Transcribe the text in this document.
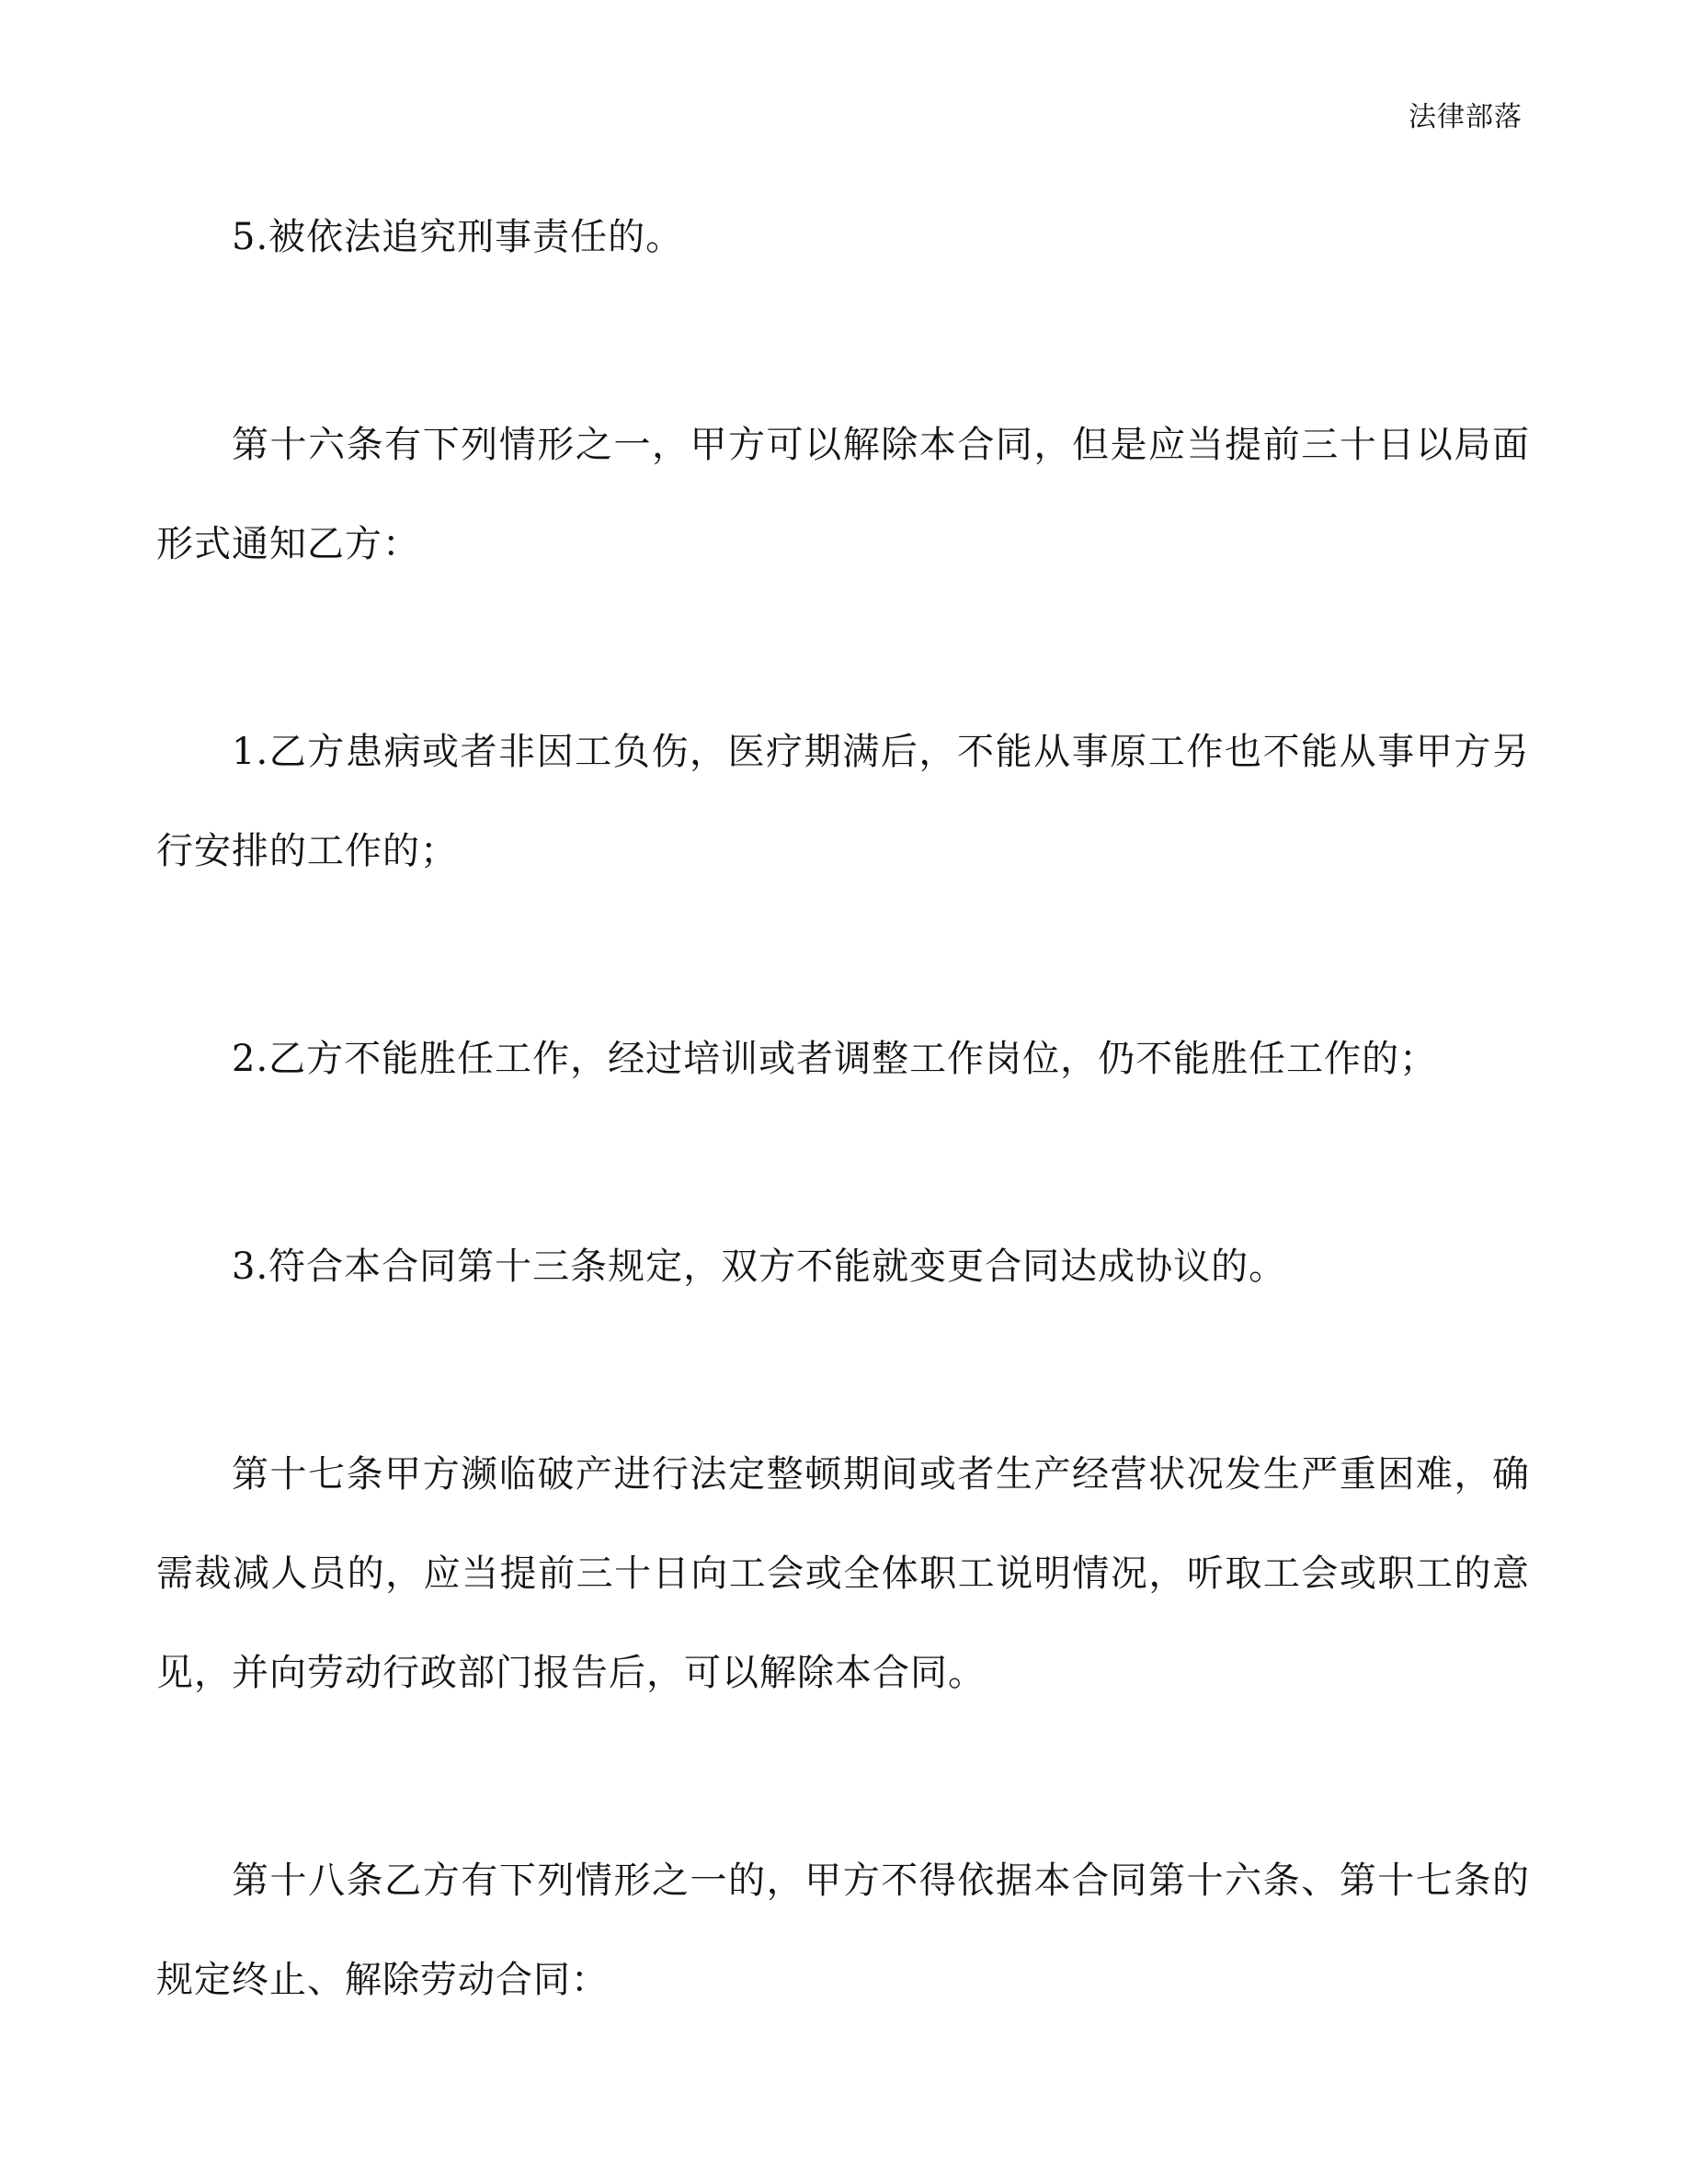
法律部落

5.被依法追究刑事责任的。

第十六条有下列情形之一，甲方可以解除本合同，但是应当提前三十日以局面形式通知乙方：

1.乙方患病或者非因工负伤，医疗期满后，不能从事原工作也不能从事甲方另行安排的工作的；

2.乙方不能胜任工作，经过培训或者调整工作岗位，仍不能胜任工作的；

3.符合本合同第十三条规定，双方不能就变更合同达成协议的。

第十七条甲方濒临破产进行法定整顿期间或者生产经营状况发生严重困难，确需裁减人员的，应当提前三十日向工会或全体职工说明情况，听取工会或职工的意见，并向劳动行政部门报告后，可以解除本合同。

第十八条乙方有下列情形之一的，甲方不得依据本合同第十六条、第十七条的规定终止、解除劳动合同：
